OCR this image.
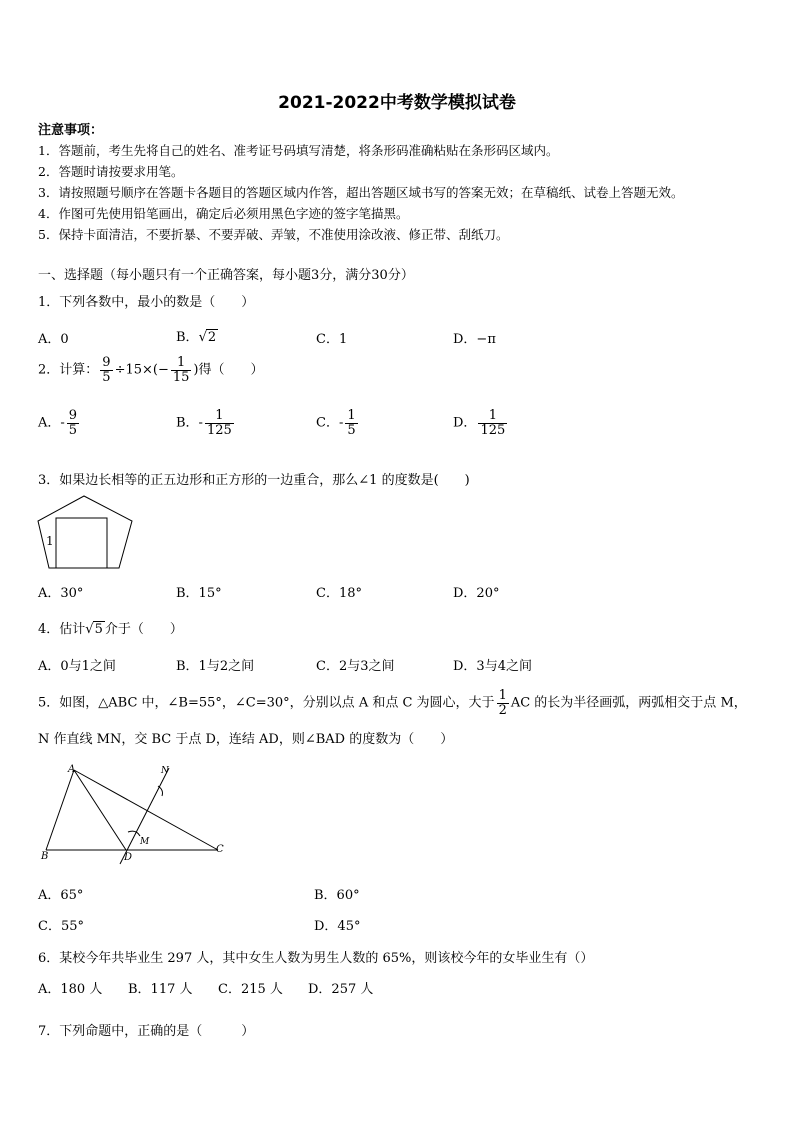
2021-2022中考数学模拟试卷
注意事项：
1．答题前，考生先将自己的姓名、准考证号码填写清楚，将条形码准确粘贴在条形码区域内。
2．答题时请按要求用笔。
3．请按照题号顺序在答题卡各题目的答题区域内作答，超出答题区域书写的答案无效；在草稿纸、试卷上答题无效。
4．作图可先使用铅笔画出，确定后必须用黑色字迹的签字笔描黑。
5．保持卡面清洁，不要折暴、不要弄破、弄皱，不准使用涂改液、修正带、刮纸刀。
一、选择题（每小题只有一个正确答案，每小题3分，满分30分）
1．下列各数中，最小的数是（　　）
A．0	B．√2	C．1	D．−π
2．计算： $\frac{9}{5} \div 15\times(- \frac{1}{15}$ )得（　　）
A．- $\frac{9}{5}$	B．- $\frac{1}{125}$	C．- $\frac{1}{5}$	D． $\frac{1}{125}$
3．如果边长相等的正五边形和正方形的一边重合，那么∠1 的度数是(　　)
1
A．30°	B．15°	C．18°	D．20°
4．估计√5 介于（　　）
A．0与1之间	B．1与2之间	C．2与3之间	D．3与4之间
5．如图，△ABC 中，∠B=55°，∠C=30°，分别以点 A 和点 C 为圆心，大于 $\frac{1}{2}$ AC 的长为半径画弧，两弧相交于点 M，
N 作直线 MN，交 BC 于点 D，连结 AD，则∠BAD 的度数为（　　）
A
B
C
D
M
N
A．65°	B．60°
C．55°	D．45°
6．某校今年共毕业生 297 人，其中女生人数为男生人数的 65%，则该校今年的女毕业生有（）
A．180 人 B．117 人 C．215 人 D．257 人
7．下列命题中，正确的是（　　　）
